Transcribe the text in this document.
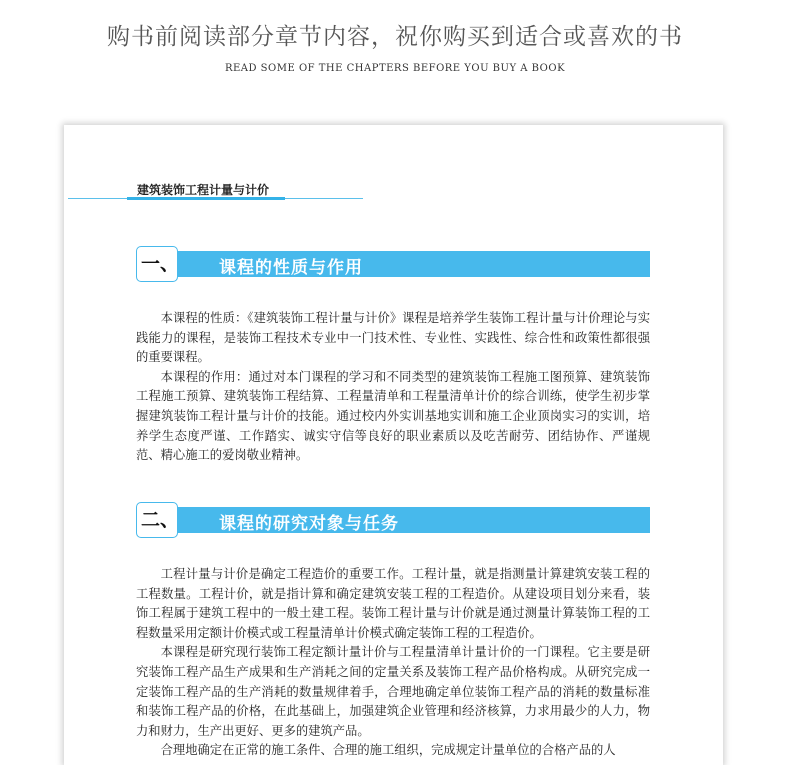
购书前阅读部分章节内容，祝你购买到适合或喜欢的书
READ SOME OF THE CHAPTERS BEFORE YOU BUY A BOOK
建筑装饰工程计量与计价
课程的性质与作用
一、

本课程的性质：《建筑装饰工程计量与计价》课程是培养学生装饰工程计量与计价理论与实践能力的课程，是装饰工程技术专业中一门技术性、专业性、实践性、综合性和政策性都很强的重要课程。

本课程的作用：通过对本门课程的学习和不同类型的建筑装饰工程施工图预算、建筑装饰工程施工预算、建筑装饰工程结算、工程量清单和工程量清单计价的综合训练，使学生初步掌握建筑装饰工程计量与计价的技能。通过校内外实训基地实训和施工企业顶岗实习的实训，培养学生态度严谨、工作踏实、诚实守信等良好的职业素质以及吃苦耐劳、团结协作、严谨规范、精心施工的爱岗敬业精神。

课程的研究对象与任务
二、

工程计量与计价是确定工程造价的重要工作。工程计量，就是指测量计算建筑安装工程的工程数量。工程计价，就是指计算和确定建筑安装工程的工程造价。从建设项目划分来看，装饰工程属于建筑工程中的一般土建工程。装饰工程计量与计价就是通过测量计算装饰工程的工程数量采用定额计价模式或工程量清单计价模式确定装饰工程的工程造价。

本课程是研究现行装饰工程定额计量计价与工程量清单计量计价的一门课程。它主要是研究装饰工程产品生产成果和生产消耗之间的定量关系及装饰工程产品价格构成。从研究完成一定装饰工程产品的生产消耗的数量规律着手，合理地确定单位装饰工程产品的消耗的数量标准和装饰工程产品的价格，在此基础上，加强建筑企业管理和经济核算，力求用最少的人力，物力和财力，生产出更好、更多的建筑产品。

合理地确定在正常的施工条件、合理的施工组织，完成规定计量单位的合格产品的人
